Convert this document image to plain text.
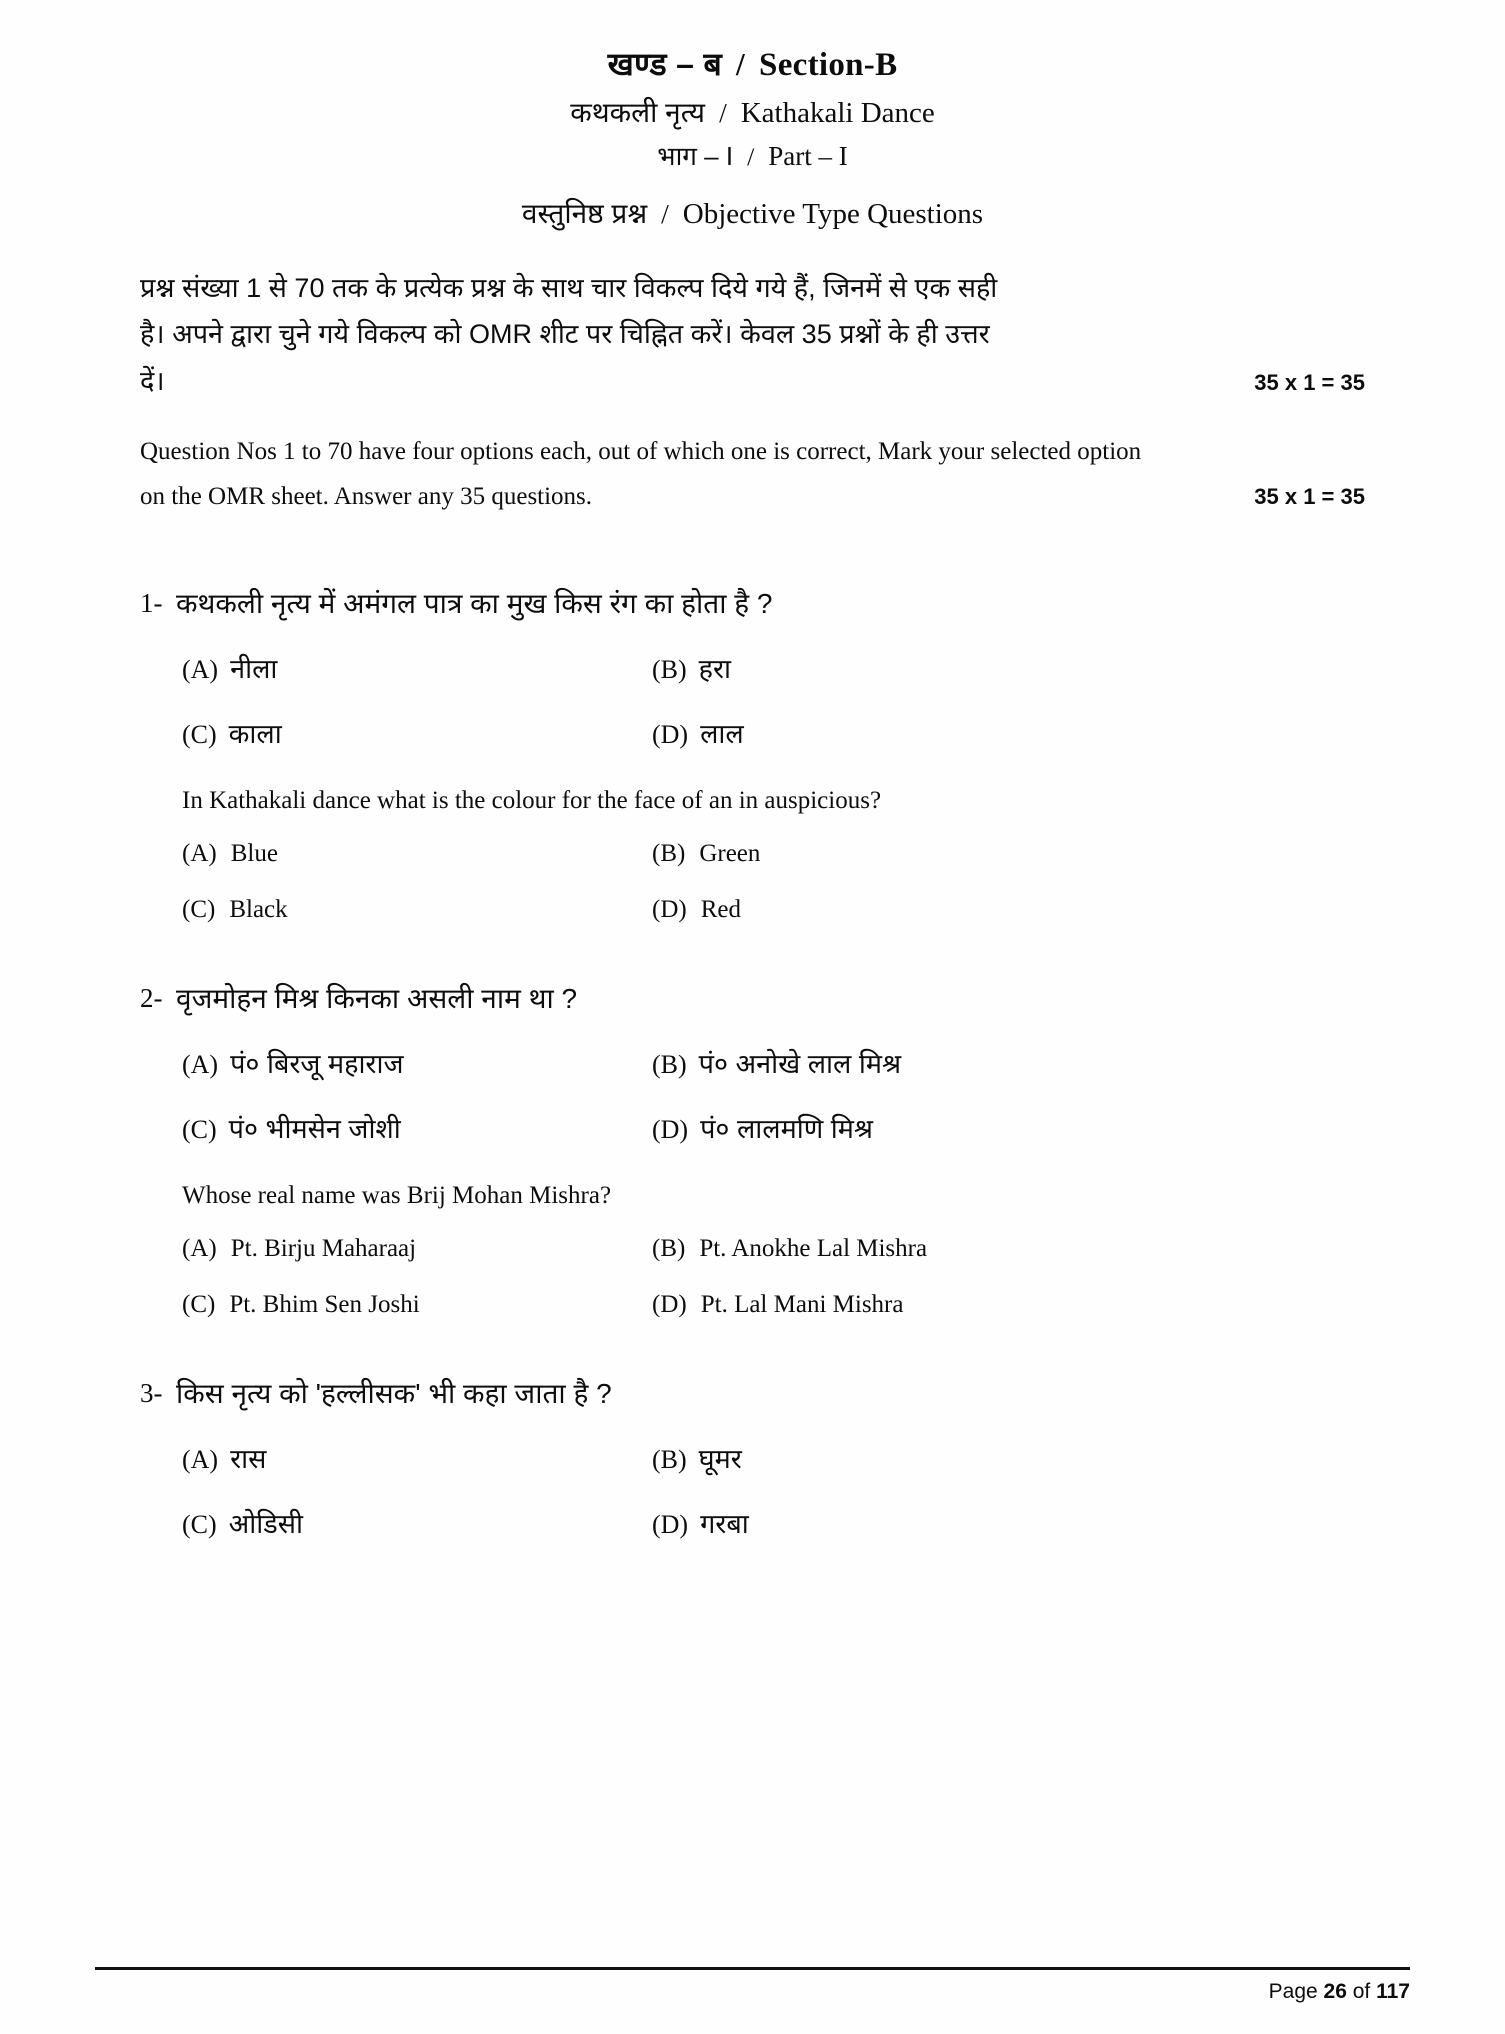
खण्ड – ब / Section-B
कथकली नृत्य / Kathakali Dance
भाग – I / Part – I
वस्तुनिष्ठ प्रश्न / Objective Type Questions
प्रश्न संख्या 1 से 70 तक के प्रत्येक प्रश्न के साथ चार विकल्प दिये गये हैं, जिनमें से एक सही
है। अपने द्वारा चुने गये विकल्प को OMR शीट पर चिह्नित करें। केवल 35 प्रश्नों के ही उत्तर
दें।	35 x 1 = 35
Question Nos 1 to 70 have four options each, out of which one is correct, Mark your selected option
on the OMR sheet. Answer any 35 questions.	35 x 1 = 35
1- कथकली नृत्य में अमंगल पात्र का मुख किस रंग का होता है ?
(A) नीला	(B) हरा
(C) काला	(D) लाल
In Kathakali dance what is the colour for the face of an in auspicious?
(A) Blue	(B) Green
(C) Black	(D) Red
2- वृजमोहन मिश्र किनका असली नाम था ?
(A) पं० बिरजू महाराज	(B) पं० अनोखे लाल मिश्र
(C) पं० भीमसेन जोशी	(D) पं० लालमणि मिश्र
Whose real name was Brij Mohan Mishra?
(A) Pt. Birju Maharaaj	(B) Pt. Anokhe Lal Mishra
(C) Pt. Bhim Sen Joshi	(D) Pt. Lal Mani Mishra
3- किस नृत्य को 'हल्लीसक' भी कहा जाता है ?
(A) रास	(B) घूमर
(C) ओडिसी	(D) गरबा
Page 26 of 117
